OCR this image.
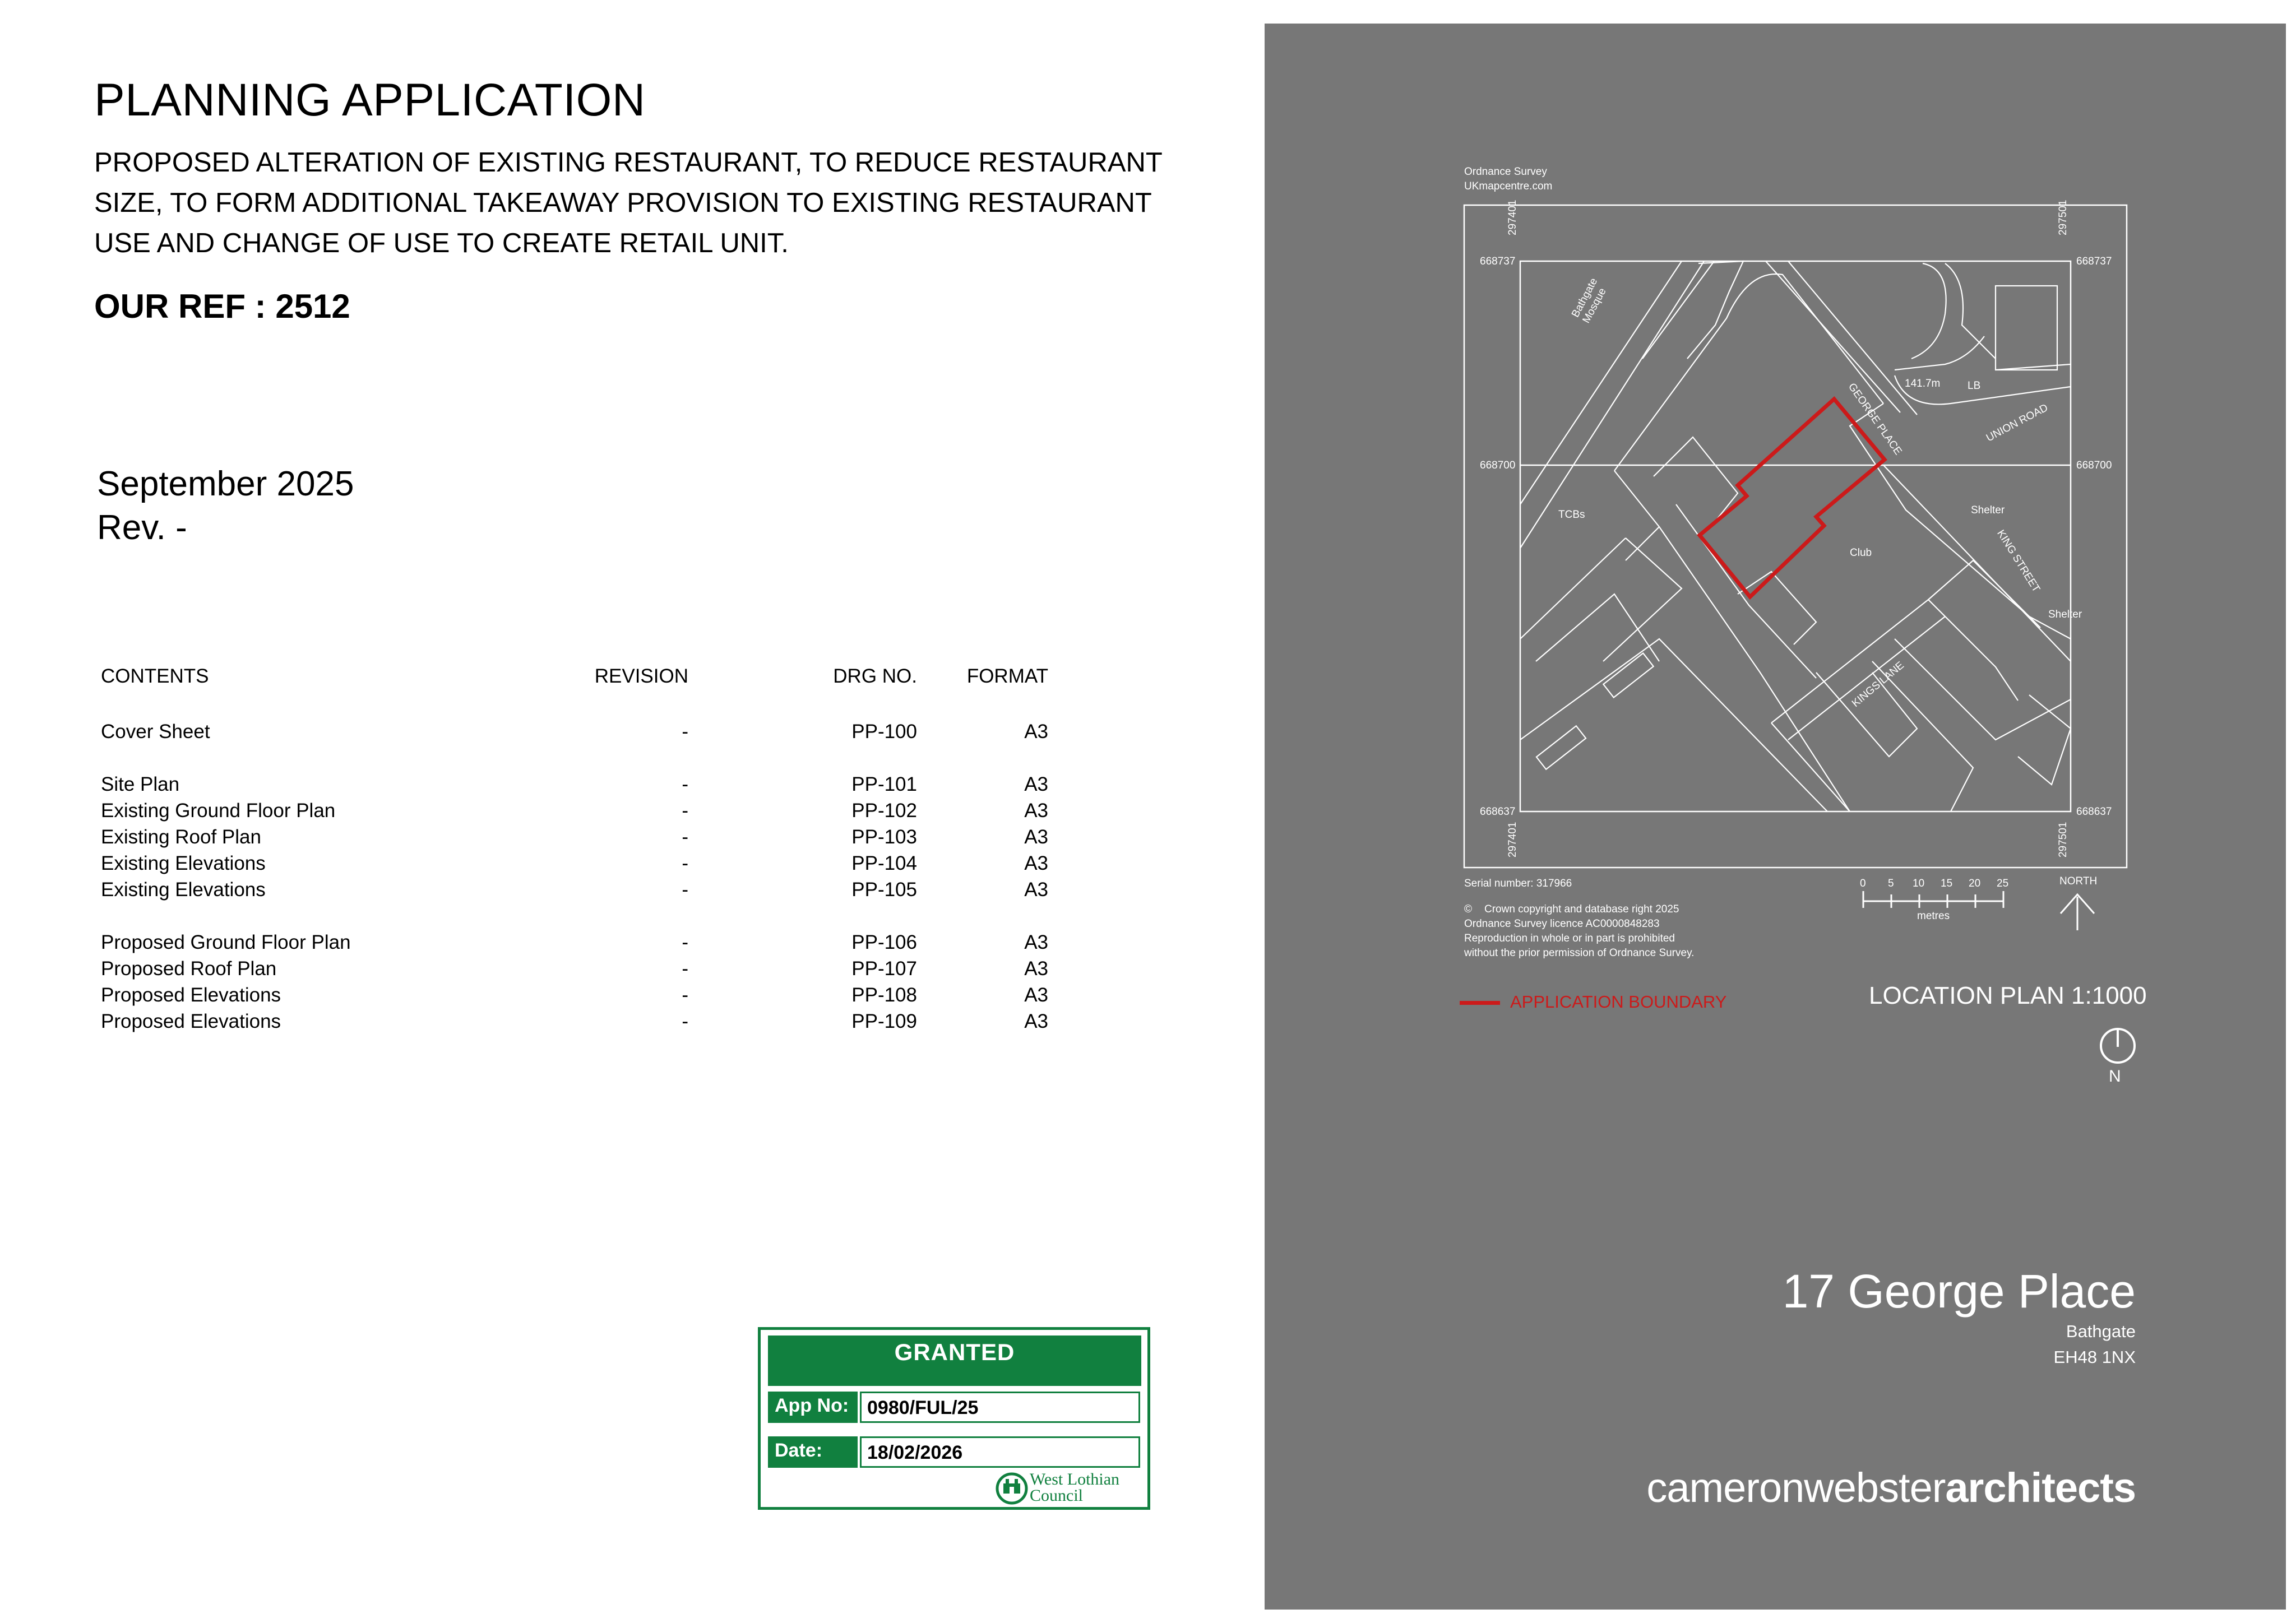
PLANNING APPLICATION
PROPOSED ALTERATION OF EXISTING RESTAURANT, TO REDUCE RESTAURANT
SIZE, TO FORM ADDITIONAL TAKEAWAY PROVISION TO EXISTING RESTAURANT
USE AND CHANGE OF USE TO CREATE RETAIL UNIT.
OUR REF : 2512
September 2025
Rev. -
CONTENTS	REVISION	DRG NO.	FORMAT
Cover Sheet	-	PP-100	A3
Site Plan	-	PP-101	A3
Existing Ground Floor Plan	-	PP-102	A3
Existing Roof Plan	-	PP-103	A3
Existing Elevations	-	PP-104	A3
Existing Elevations	-	PP-105	A3
Proposed Ground Floor Plan	-	PP-106	A3
Proposed Roof Plan	-	PP-107	A3
Proposed Elevations	-	PP-108	A3
Proposed Elevations	-	PP-109	A3
GRANTED
App No: 0980/FUL/25
Date:	18/02/2026
West Lothian
Council
Ordnance Survey
UKmapcentre.com
668737	668737
668700	668700
668637	668637
297401	297501
297401	297501
GEORGE PLACE	UNION ROAD
KING STREET
KINGS LANE
Bathgate Mosque
TCBs
Club
Shelter
Shelter
LB
141.7m
Serial number: 317966
© Crown copyright and database right 2025
Ordnance Survey licence AC0000848283
Reproduction in whole or in part is prohibited
without the prior permission of Ordnance Survey.
0 5 10 15 20 25
metres
NORTH
APPLICATION BOUNDARY	LOCATION PLAN 1:1000
N
17 George Place
Bathgate
EH48 1NX
cameronwebsterarchitects
